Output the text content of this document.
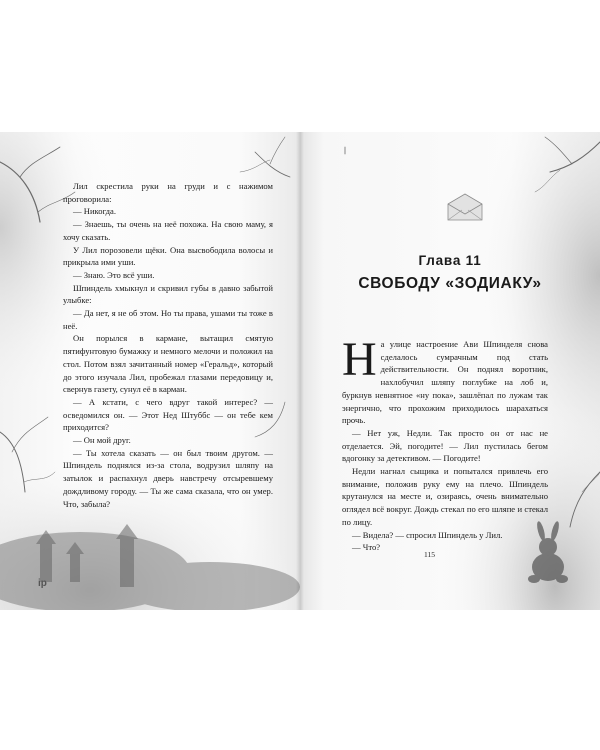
Лил скрестила руки на груди и с нажимом проговорила:

— Никогда.

— Знаешь, ты очень на неё похожа. На свою маму, я хочу сказать.

У Лил порозовели щёки. Она высвободила волосы и прикрыла ими уши.

— Знаю. Это всё уши.

Шпиндель хмыкнул и скривил губы в давно забытой улыбке:

— Да нет, я не об этом. Но ты права, ушами ты тоже в неё.

Он порылся в кармане, вытащил смятую пятифунтовую бумажку и немного мелочи и положил на стол. Потом взял зачитанный номер «Геральд», который до этого изучала Лил, пробежал глазами передовицу и, свернув газету, сунул её в карман.

— А кстати, с чего вдруг такой интерес? — осведомился он. — Этот Нед Штуббс — он тебе кем приходится?

— Он мой друг.

— Ты хотела сказать — он был твоим другом. — Шпиндель поднялся из-за стола, водрузил шляпу на затылок и распахнул дверь навстречу отсыревшему дождливому городу. — Ты же сама сказала, что он умер. Что, забыла?

ip
Глава 11
СВОБОДУ «ЗОДИАКУ»

На улице настроение Ави Шпинделя снова сделалось сумрачным под стать действительности. Он поднял воротник, нахлобучил шляпу поглубже на лоб и, буркнув невнятное «ну пока», зашлёпал по лужам так энергично, что прохожим приходилось шарахаться прочь.

— Нет уж, Недли. Так просто он от нас не отделается. Эй, погодите! — Лил пустилась бегом вдогонку за детективом. — Погодите!

Недли нагнал сыщика и попытался привлечь его внимание, положив руку ему на плечо. Шпиндель крутанулся на месте и, озираясь, очень внимательно оглядел всё вокруг. Дождь стекал по его шляпе и стекал по лицу.

— Видела? — спросил Шпиндель у Лил.

— Что?

115
